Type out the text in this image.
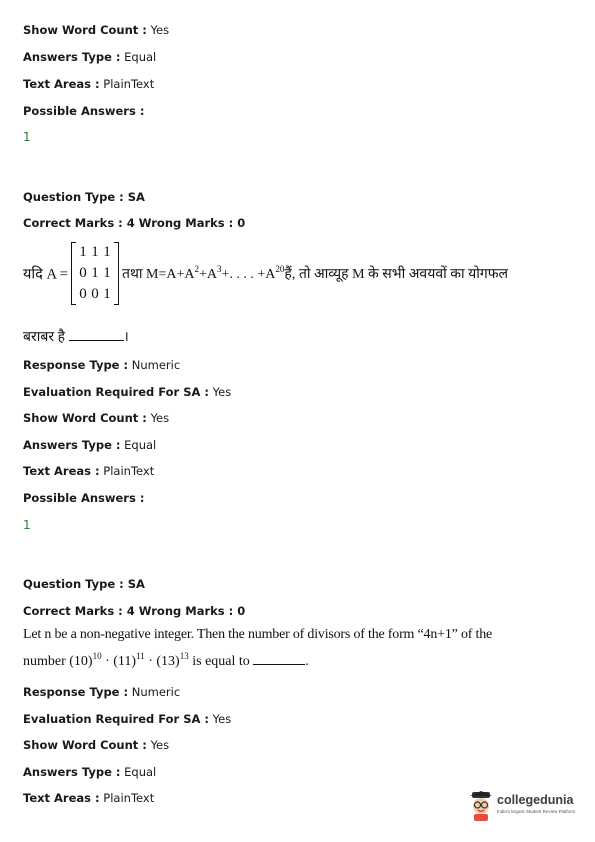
Show Word Count : Yes
Answers Type : Equal
Text Areas : PlainText
Possible Answers :
1
Question Type : SA
Correct Marks : 4 Wrong Marks : 0
यदि A =
1 1 1
0 1 1
0 0 1
तथा $M=A+A^2+A^3+$. . . . $+A^{20}हैं$, तो आव्यूह M के सभी अवयवों का योगफल
बराबर है	।
Response Type : Numeric
Evaluation Required For SA : Yes
Show Word Count : Yes
Answers Type : Equal
Text Areas : PlainText
Possible Answers :
1
Question Type : SA
Correct Marks : 4 Wrong Marks : 0
Let n be a non-negative integer. Then the number of divisors of the form “4n+1” of the
number $(10)^{10} \cdot (11)^{11} \cdot (13)^{13}$ is equal to	.
Response Type : Numeric
Evaluation Required For SA : Yes
Show Word Count : Yes
Answers Type : Equal
Text Areas : PlainText	collegedunia
India's largest Student Review Platform
